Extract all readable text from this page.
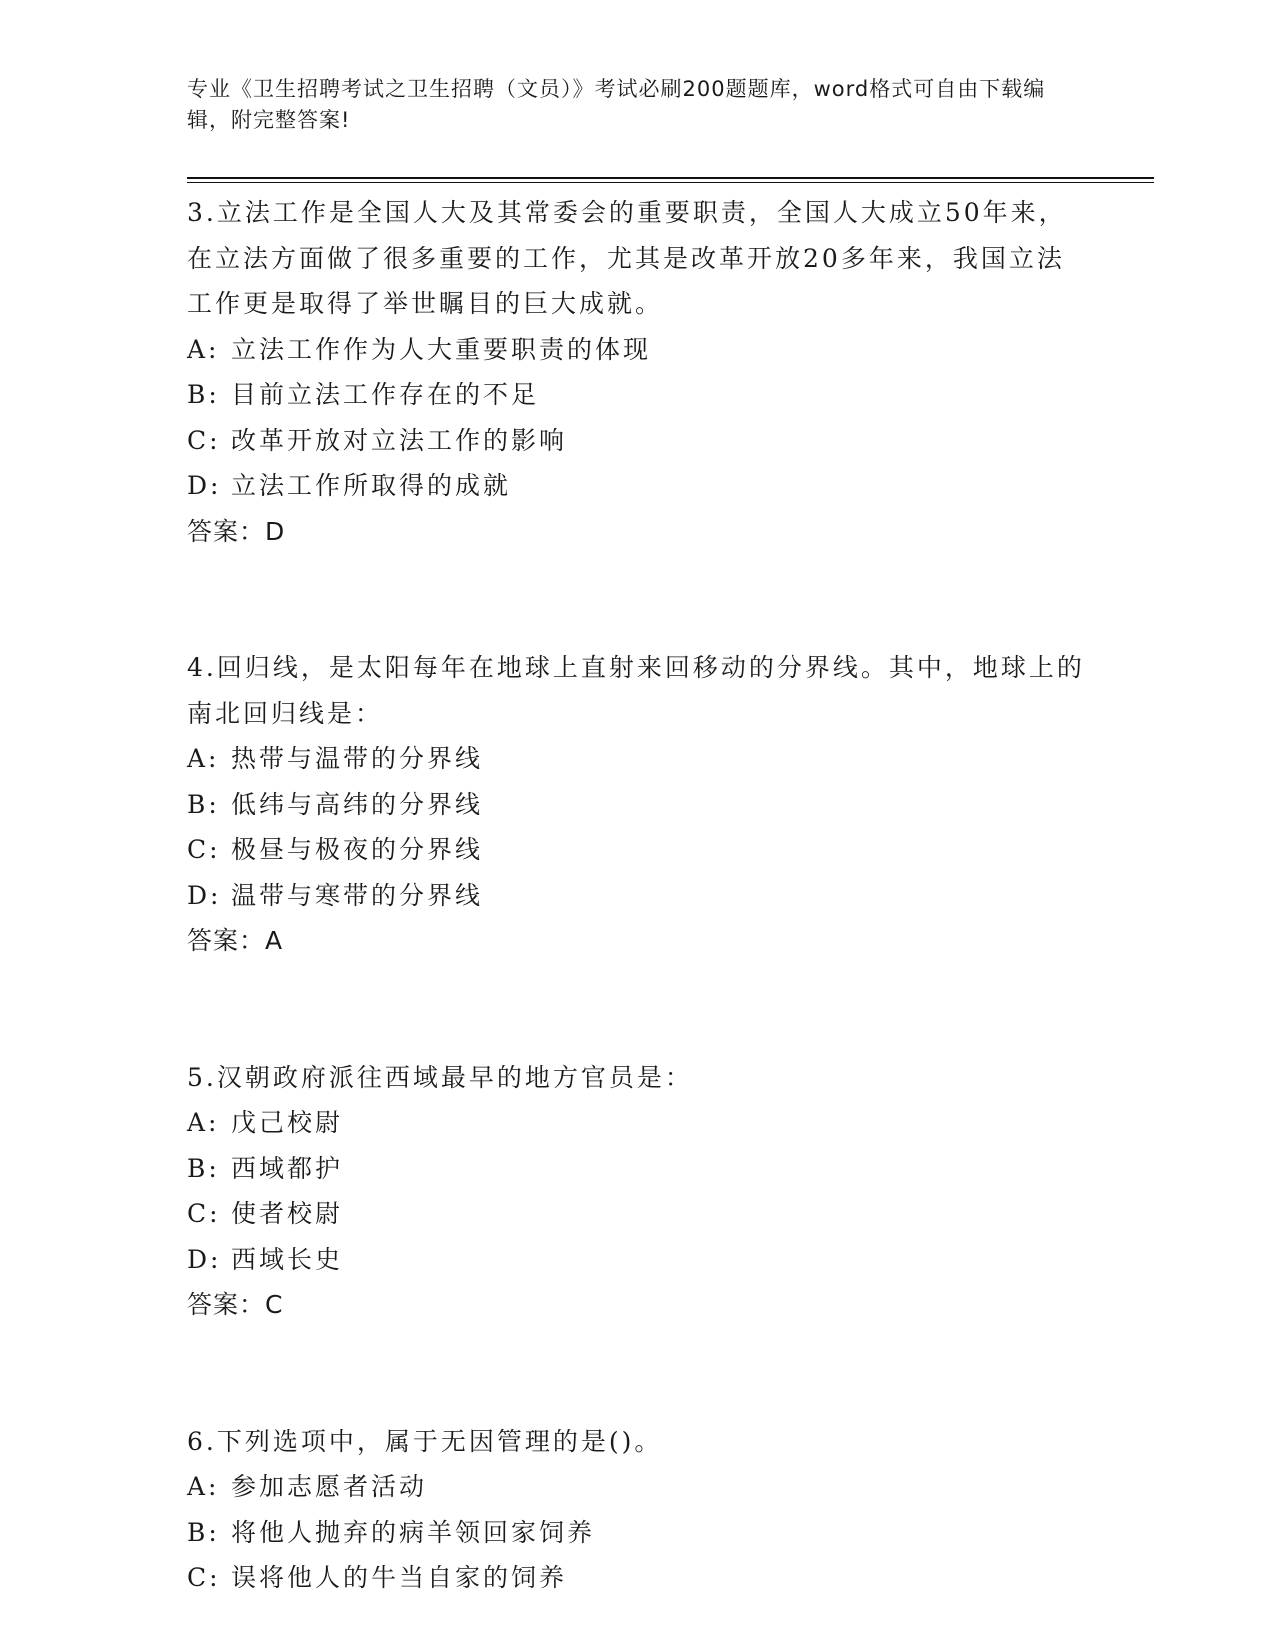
专业《卫生招聘考试之卫生招聘（文员）》考试必刷200题题库，word格式可自由下载编辑，附完整答案!

3.立法工作是全国人大及其常委会的重要职责，全国人大成立50年来，在立法方面做了很多重要的工作，尤其是改革开放20多年来，我国立法工作更是取得了举世瞩目的巨大成就。

A: 立法工作作为人大重要职责的体现

B: 目前立法工作存在的不足

C: 改革开放对立法工作的影响

D: 立法工作所取得的成就

答案：D

4.回归线，是太阳每年在地球上直射来回移动的分界线。其中，地球上的南北回归线是：

A: 热带与温带的分界线

B: 低纬与高纬的分界线

C: 极昼与极夜的分界线

D: 温带与寒带的分界线

答案：A

5.汉朝政府派往西域最早的地方官员是：

A: 戊己校尉

B: 西域都护

C: 使者校尉

D: 西域长史

答案：C

6.下列选项中，属于无因管理的是()。

A: 参加志愿者活动

B: 将他人抛弃的病羊领回家饲养

C: 误将他人的牛当自家的饲养
